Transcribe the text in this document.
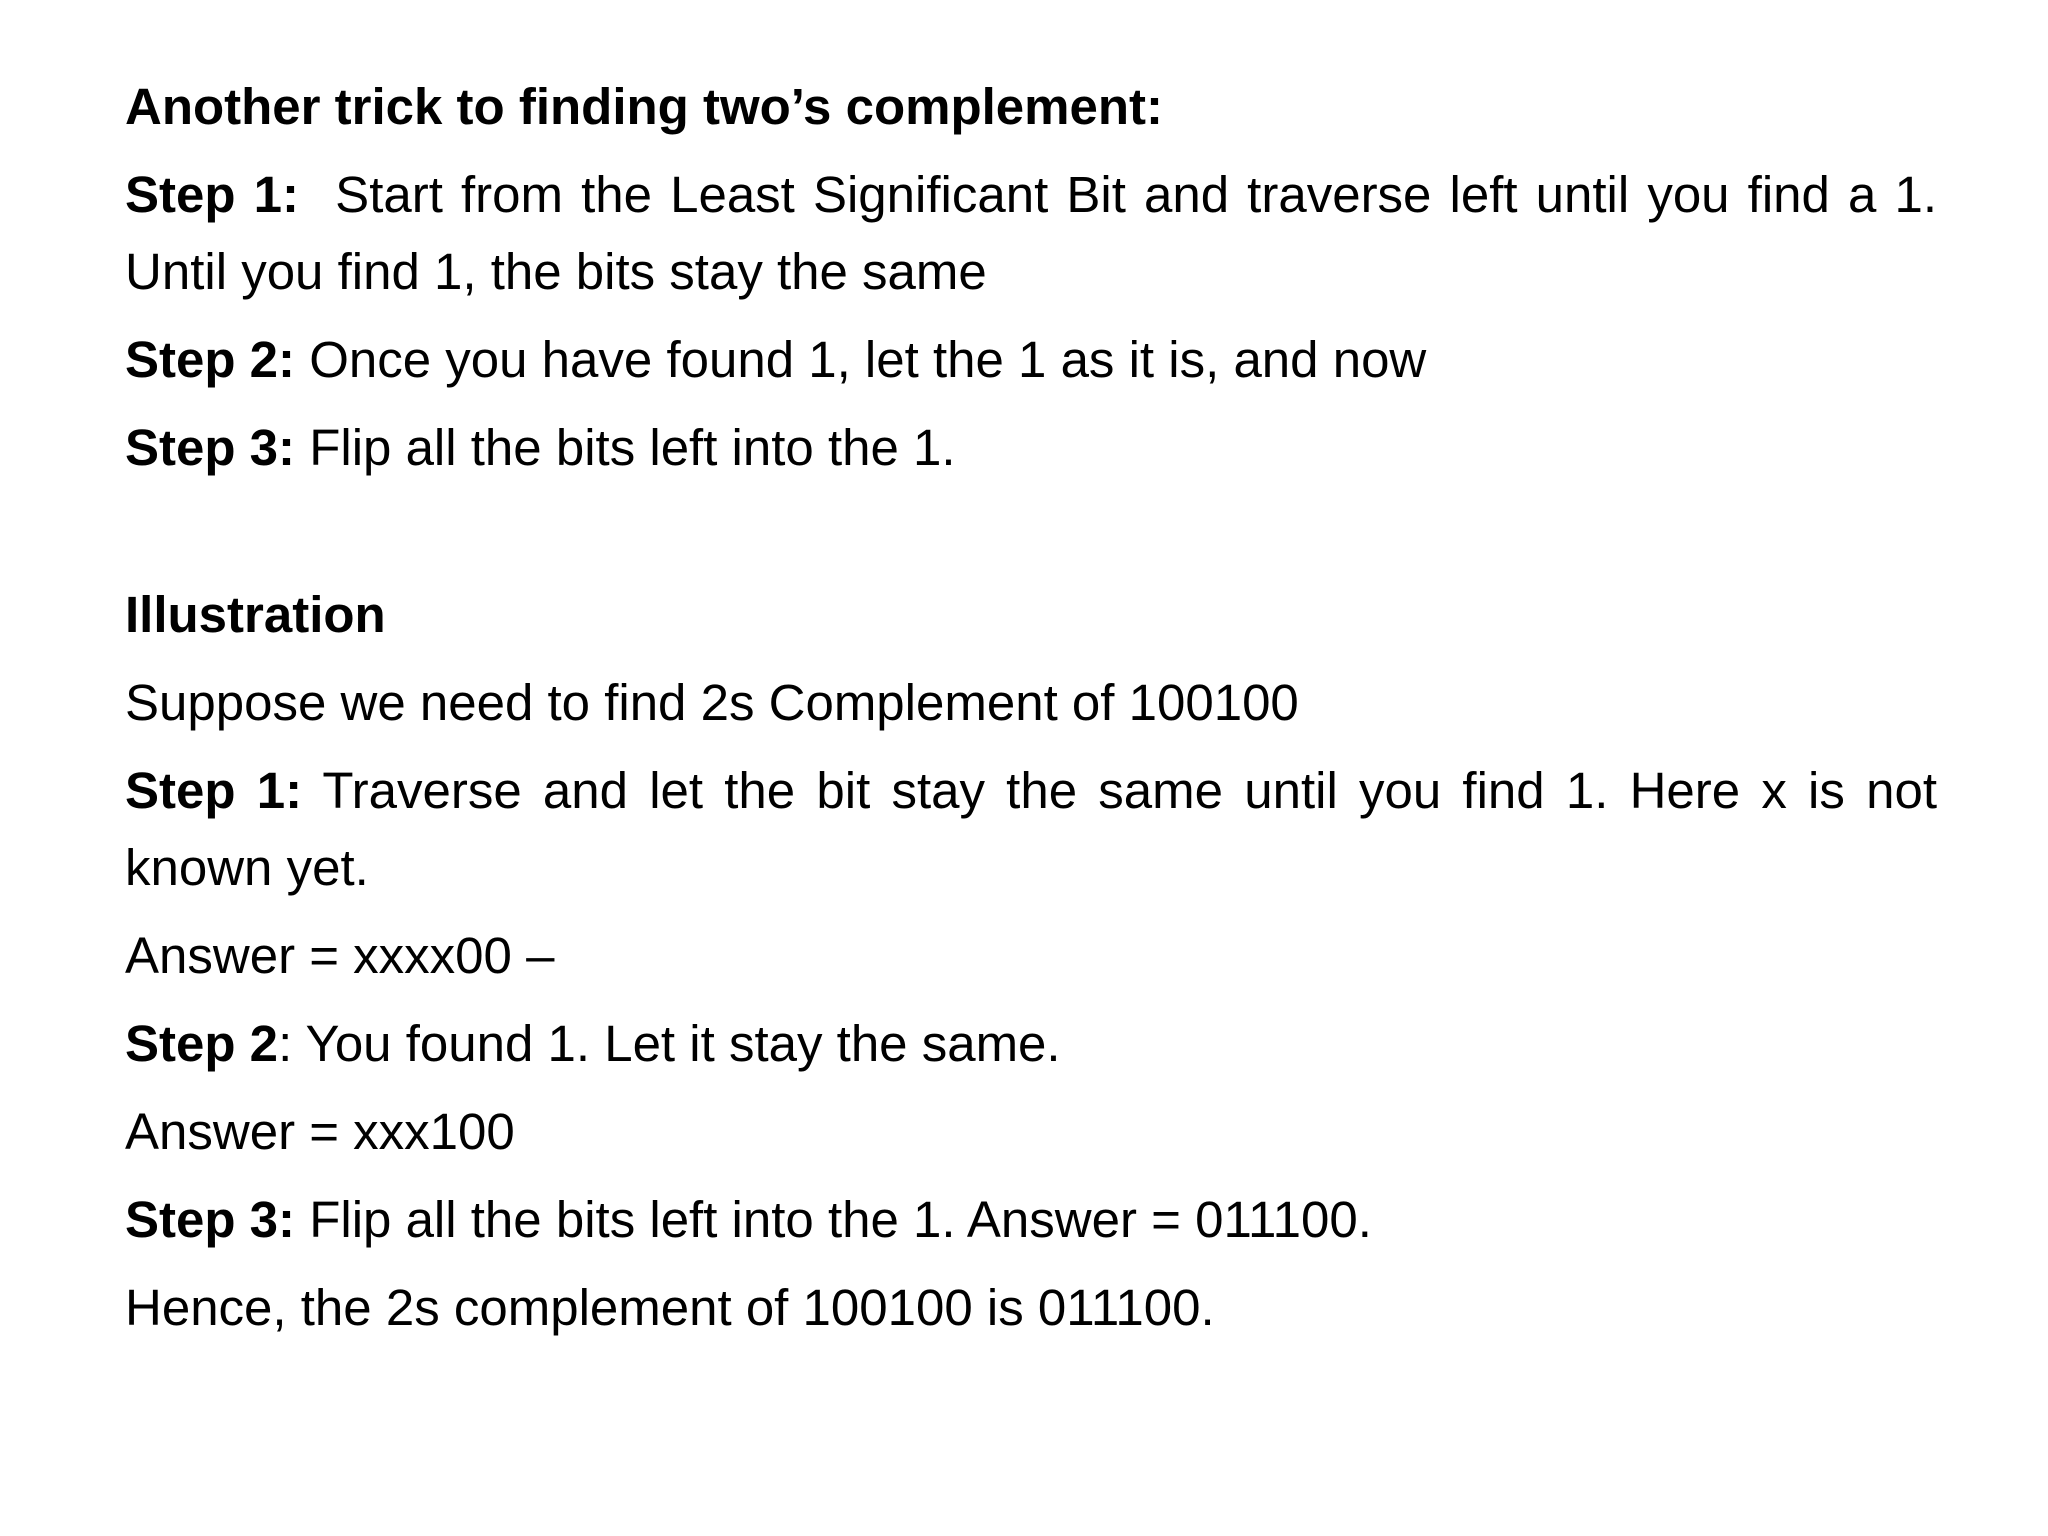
Another trick to finding two’s complement:

Step 1:  Start from the Least Significant Bit and traverse left until you find a 1.  Until you find 1, the bits stay the same

Step 2: Once you have found 1, let the 1 as it is, and now

Step 3: Flip all the bits left into the 1.

Illustration

Suppose we need to find 2s Complement of 100100

Step 1: Traverse and let the bit stay the same until you find 1. Here x is not known yet.

Answer = xxxx00 –

Step 2: You found 1. Let it stay the same.

Answer = xxx100

Step 3: Flip all the bits left into the 1. Answer = 011100.

Hence, the 2s complement of 100100 is 011100.
